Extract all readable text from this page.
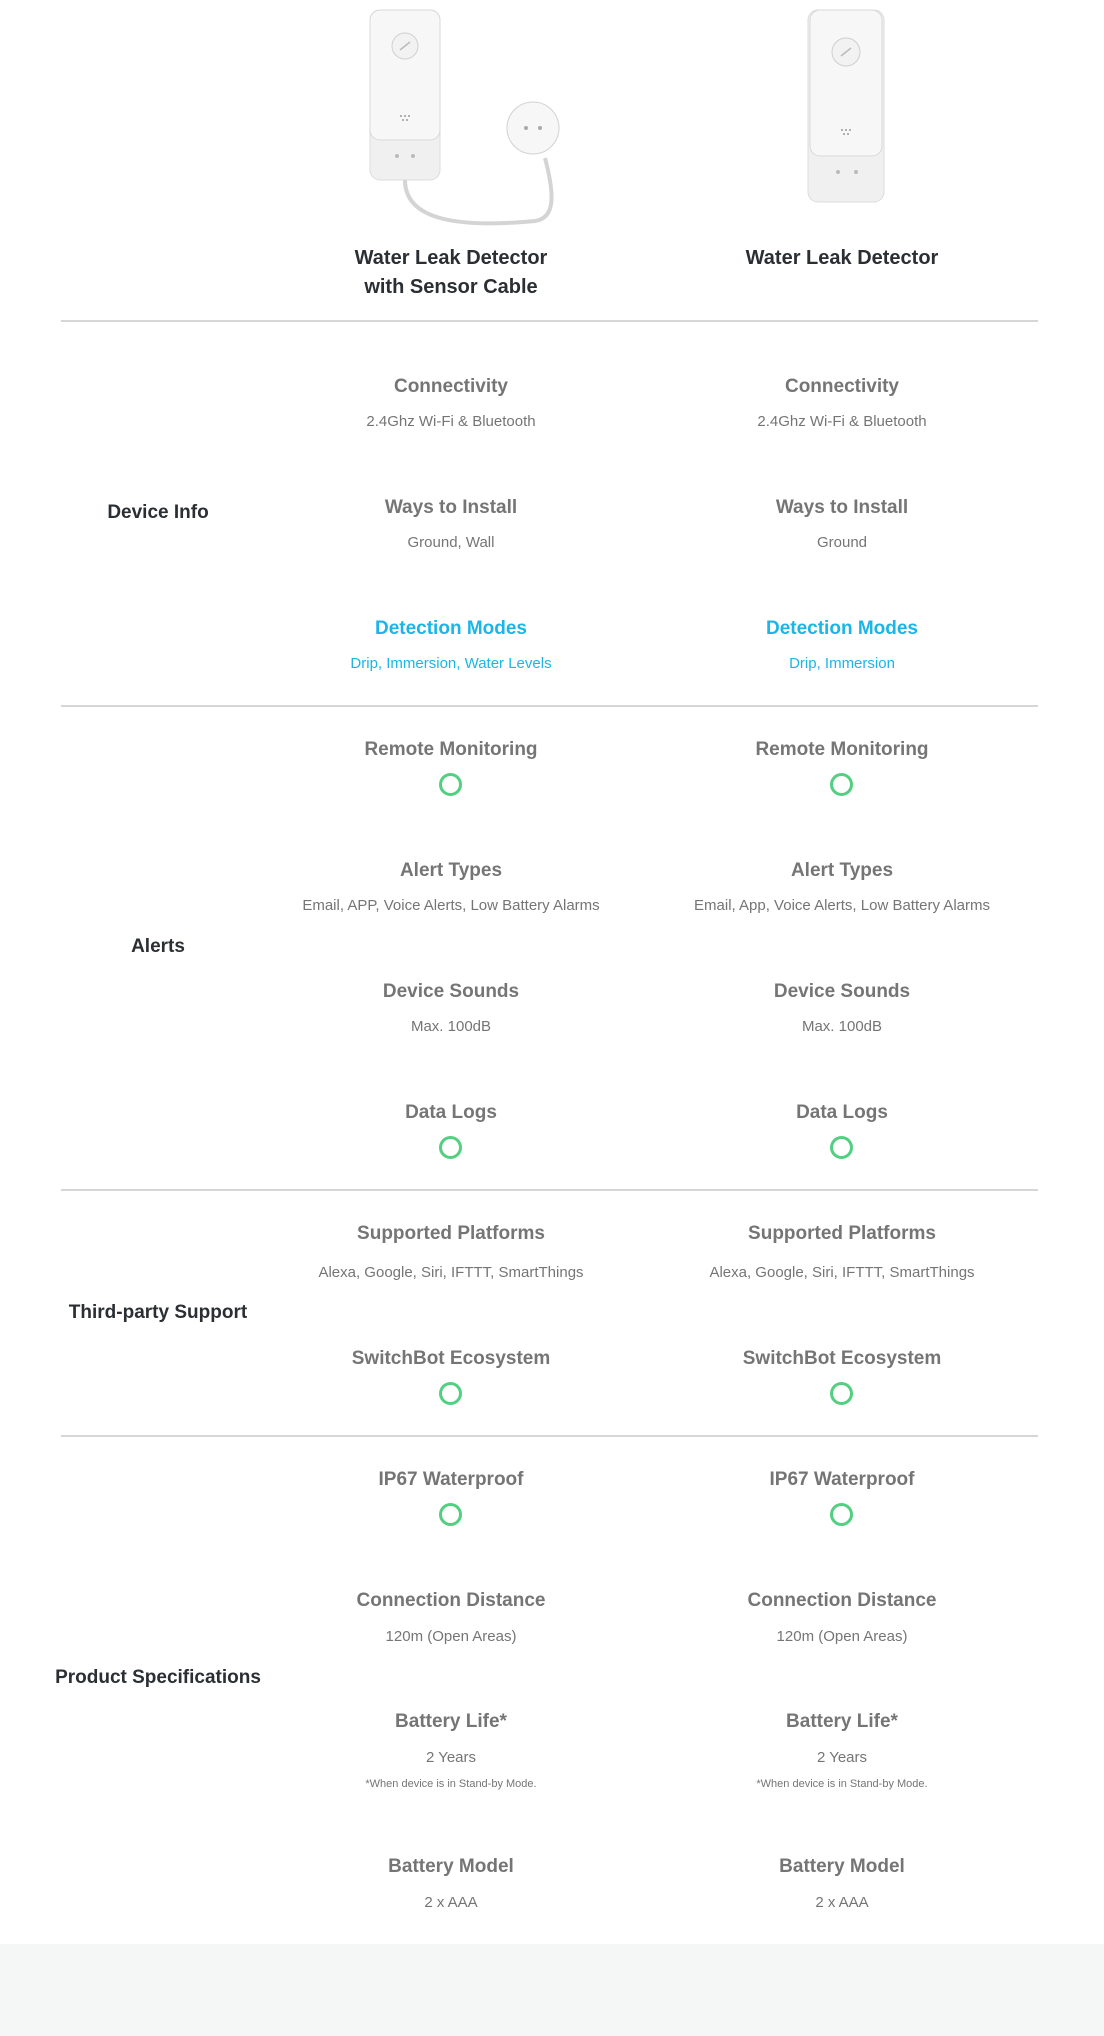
Water Leak Detector
with Sensor Cable
Water Leak Detector
Device Info
Connectivity	Connectivity
2.4Ghz Wi-Fi & Bluetooth	2.4Ghz Wi-Fi & Bluetooth
Ways to Install	Ways to Install
Ground, Wall	Ground
Detection Modes	Detection Modes
Drip, Immersion, Water Levels	Drip, Immersion
Alerts
Remote Monitoring	Remote Monitoring
Alert Types	Alert Types
Email, APP, Voice Alerts, Low Battery Alarms	Email, App, Voice Alerts, Low Battery Alarms
Device Sounds	Device Sounds
Max. 100dB	Max. 100dB
Data Logs	Data Logs
Third-party Support
Supported Platforms	Supported Platforms
Alexa, Google, Siri, IFTTT, SmartThings	Alexa, Google, Siri, IFTTT, SmartThings
SwitchBot Ecosystem	SwitchBot Ecosystem
Product Specifications
IP67 Waterproof	IP67 Waterproof
Connection Distance	Connection Distance
120m (Open Areas)	120m (Open Areas)
Battery Life*	Battery Life*
2 Years	2 Years
*When device is in Stand-by Mode.	*When device is in Stand-by Mode.
Battery Model	Battery Model
2 x AAA	2 x AAA
